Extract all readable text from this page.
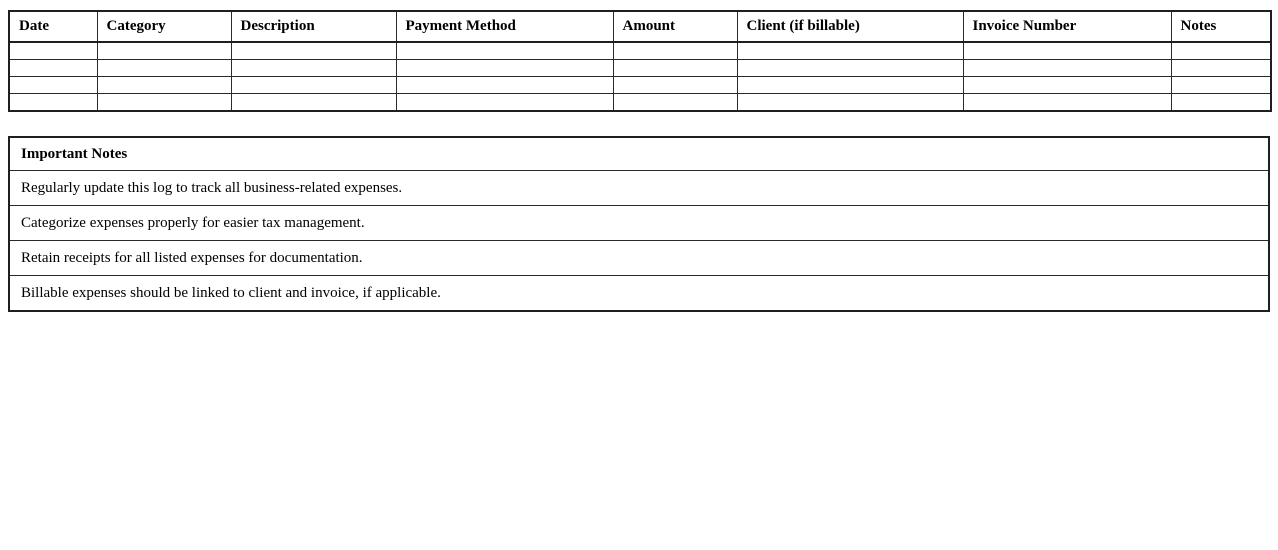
Date	Category	Description	Payment Method	Amount	Client (if billable)	Invoice Number	Notes

Important Notes
Regularly update this log to track all business-related expenses.
Categorize expenses properly for easier tax management.
Retain receipts for all listed expenses for documentation.
Billable expenses should be linked to client and invoice, if applicable.
